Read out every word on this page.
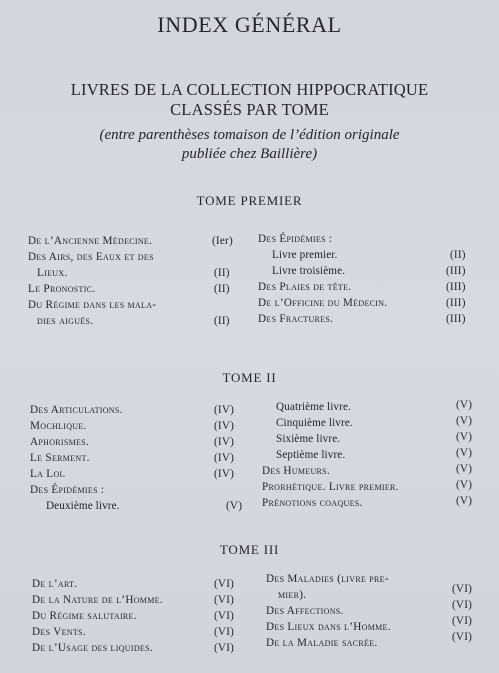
INDEX GÉNÉRAL
LIVRES DE LA COLLECTION HIPPOCRATIQUE
CLASSÉS PAR TOME
(entre parenthèses tomaison de l’édition originale
publiée chez Baillière)
TOME PREMIER
De l’Ancienne Médecine.	(Ier)
Des Airs, des Eaux et des
Lieux.	(II)
Le Pronostic.	(II)
Du Régime dans les mala-
dies aiguës.	(II)
Des Épidémies :
Livre premier.	(II)
Livre troisième.	(III)
Des Plaies de tête.	(III)
De l’Officine du Médecin.	(III)
Des Fractures.	(III)
TOME II
Des Articulations.	(IV)
Mochlique.	(IV)
Aphorismes.	(IV)
Le Serment.	(IV)
La Loi.	(IV)
Des Épidémies :
Deuxième livre.	(V)
Quatrième livre.	(V)
Cinquième livre.	(V)
Sixième livre.	(V)
Septième livre.	(V)
Des Humeurs.	(V)
Prorhétique. Livre premier.	(V)
Prénotions coaques.	(V)
TOME III
De l’art.	(VI)
De la Nature de l’Homme.	(VI)
Du Régime salutaire.	(VI)
Des Vents.	(VI)
De l’Usage des liquides.	(VI)
Des Maladies (livre pre-
mier).	(VI)
Des Affections.	(VI)
Des Lieux dans l’Homme.	(VI)
De la Maladie sacrée.	(VI)
